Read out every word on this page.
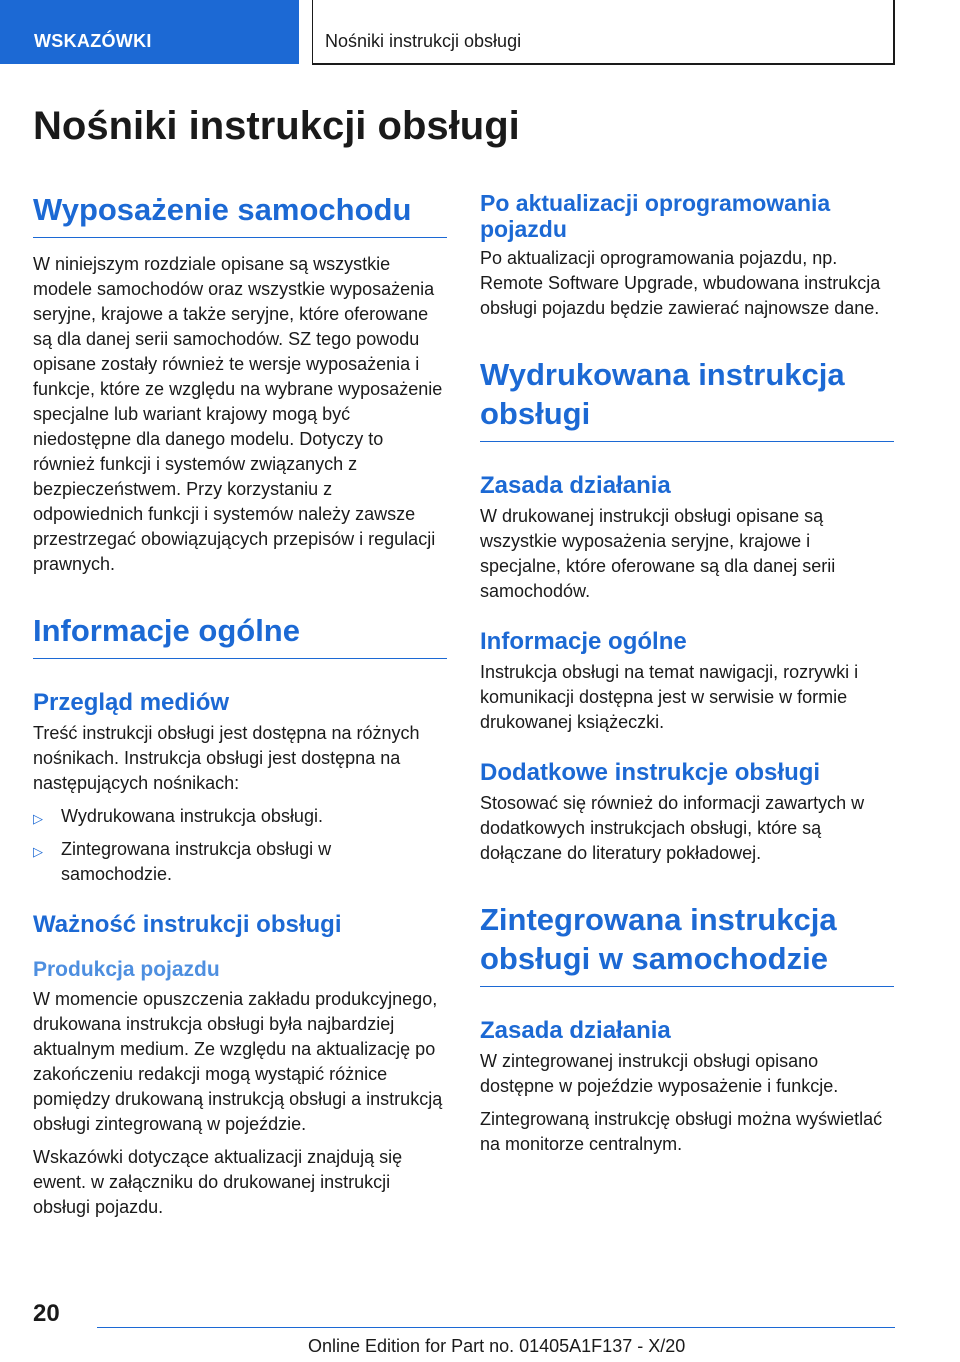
WSKAZÓWKI	Nośniki instrukcji obsługi
Nośniki instrukcji obsługi
Wyposażenie samochodu

W niniejszym rozdziale opisane są wszystkie modele samochodów oraz wszystkie wyposażenia seryjne, krajowe a także seryjne, które oferowane są dla danej serii samochodów. SZ tego powodu opisane zostały również te wersje wyposażenia i funkcje, które ze względu na wybrane wyposażenie specjalne lub wariant krajowy mogą być niedostępne dla danego modelu. Dotyczy to również funkcji i systemów związanych z bezpieczeństwem. Przy korzystaniu z odpowiednich funkcji i systemów należy zawsze przestrzegać obowiązujących przepisów i regulacji prawnych.

Informacje ogólne
Przegląd mediów

Treść instrukcji obsługi jest dostępna na różnych nośnikach. Instrukcja obsługi jest dostępna na następujących nośnikach:

▷ Wydrukowana instrukcja obsługi.
▷ Zintegrowana instrukcja obsługi w samochodzie.
Ważność instrukcji obsługi
Produkcja pojazdu

W momencie opuszczenia zakładu produkcyjnego, drukowana instrukcja obsługi była najbardziej aktualnym medium. Ze względu na aktualizację po zakończeniu redakcji mogą wystąpić różnice pomiędzy drukowaną instrukcją obsługi a instrukcją obsługi zintegrowaną w pojeździe.

Wskazówki dotyczące aktualizacji znajdują się ewent. w załączniku do drukowanej instrukcji obsługi pojazdu.

Po aktualizacji oprogramowania pojazdu

Po aktualizacji oprogramowania pojazdu, np. Remote Software Upgrade, wbudowana instrukcja obsługi pojazdu będzie zawierać najnowsze dane.

Wydrukowana instrukcja obsługi
Zasada działania

W drukowanej instrukcji obsługi opisane są wszystkie wyposażenia seryjne, krajowe i specjalne, które oferowane są dla danej serii samochodów.

Informacje ogólne

Instrukcja obsługi na temat nawigacji, rozrywki i komunikacji dostępna jest w serwisie w formie drukowanej książeczki.

Dodatkowe instrukcje obsługi

Stosować się również do informacji zawartych w dodatkowych instrukcjach obsługi, które są dołączane do literatury pokładowej.

Zintegrowana instrukcja obsługi w samochodzie
Zasada działania

W zintegrowanej instrukcji obsługi opisano dostępne w pojeździe wyposażenie i funkcje.

Zintegrowaną instrukcję obsługi można wyświetlać na monitorze centralnym.

20
Online Edition for Part no. 01405A1F137 - X/20
